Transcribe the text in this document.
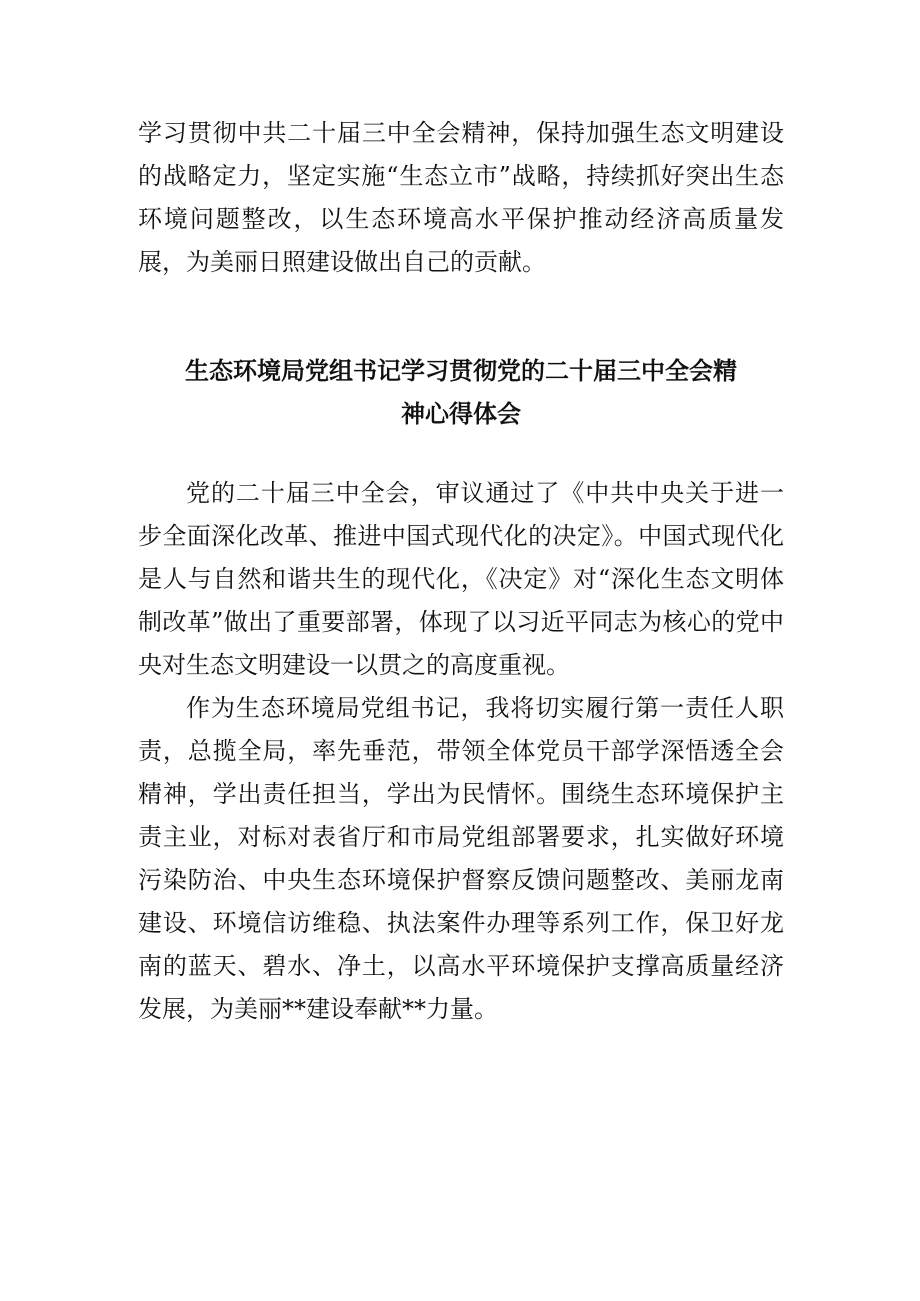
学习贯彻中共二十届三中全会精神，保持加强生态文明建设的战略定力，坚定实施“生态立市”战略，持续抓好突出生态环境问题整改，以生态环境高水平保护推动经济高质量发展，为美丽日照建设做出自己的贡献。

生态环境局党组书记学习贯彻党的二十届三中全会精
神心得体会

党的二十届三中全会，审议通过了《中共中央关于进一步全面深化改革、推进中国式现代化的决定》。中国式现代化是人与自然和谐共生的现代化，《决定》对“深化生态文明体制改革”做出了重要部署，体现了以习近平同志为核心的党中央对生态文明建设一以贯之的高度重视。

作为生态环境局党组书记，我将切实履行第一责任人职责，总揽全局，率先垂范，带领全体党员干部学深悟透全会精神，学出责任担当，学出为民情怀。围绕生态环境保护主责主业，对标对表省厅和市局党组部署要求，扎实做好环境污染防治、中央生态环境保护督察反馈问题整改、美丽龙南建设、环境信访维稳、执法案件办理等系列工作，保卫好龙南的蓝天、碧水、净土，以高水平环境保护支撑高质量经济发展，为美丽**建设奉献**力量。
